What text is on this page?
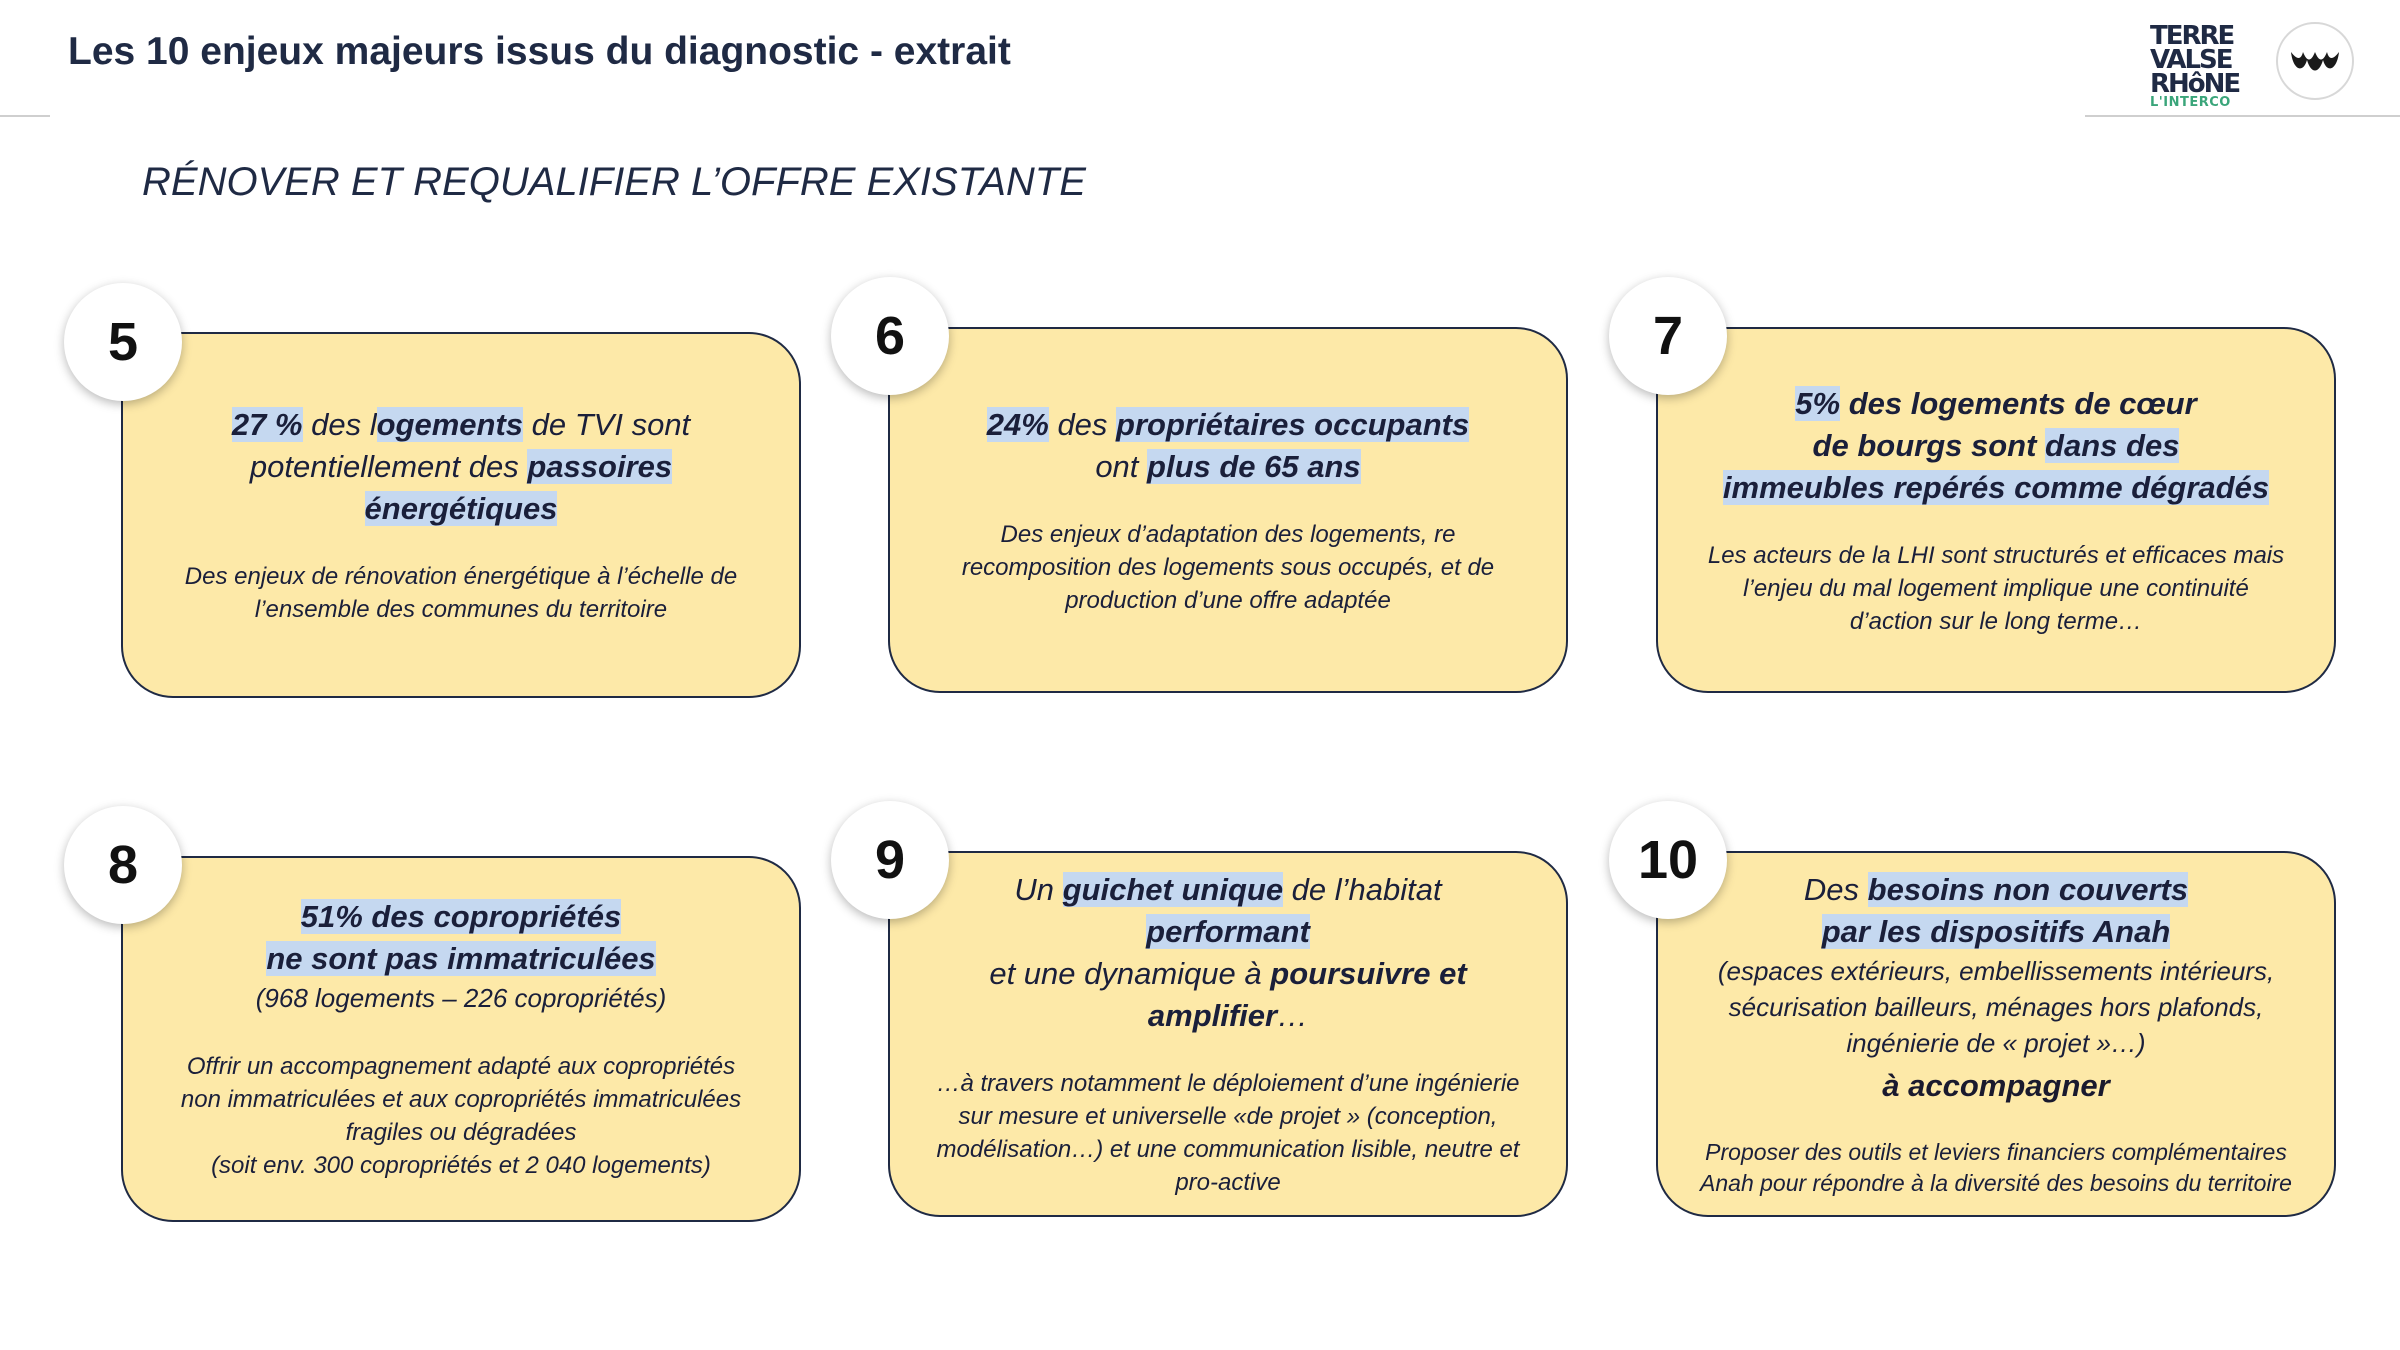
Les 10 enjeux majeurs issus du diagnostic - extrait	TERRE
VALSE
RHôNE
L'INTERCO
RÉNOVER ET REQUALIFIER L’OFFRE EXISTANTE
27 % des logements de TVI sont
potentiellement des passoires
énergétiques
Des enjeux de rénovation énergétique à l’échelle de
l’ensemble des communes du territoire
5
24% des propriétaires occupants
ont plus de 65 ans
Des enjeux d’adaptation des logements, re
recomposition des logements sous occupés, et de
production d’une offre adaptée
6
5% des logements de cœur
de bourgs sont dans des
immeubles repérés comme dégradés
Les acteurs de la LHI sont structurés et efficaces mais
l’enjeu du mal logement implique une continuité
d’action sur le long terme…
7
51% des copropriétés
ne sont pas immatriculées
(968 logements – 226 copropriétés)
Offrir un accompagnement adapté aux copropriétés
non immatriculées et aux copropriétés immatriculées
fragiles ou dégradées
(soit env. 300 copropriétés et 2 040 logements)
8	Un guichet unique de l’habitat performant
et une dynamique à poursuivre et
amplifier…
…à travers notamment le déploiement d’une ingénierie
sur mesure et universelle «de projet » (conception,
modélisation…) et une communication lisible, neutre et
pro-active
9	Des besoins non couverts
par les dispositifs Anah
(espaces extérieurs, embellissements intérieurs,
sécurisation bailleurs, ménages hors plafonds,
ingénierie de « projet »…)
à accompagner
Proposer des outils et leviers financiers complémentaires
Anah pour répondre à la diversité des besoins du territoire
10
